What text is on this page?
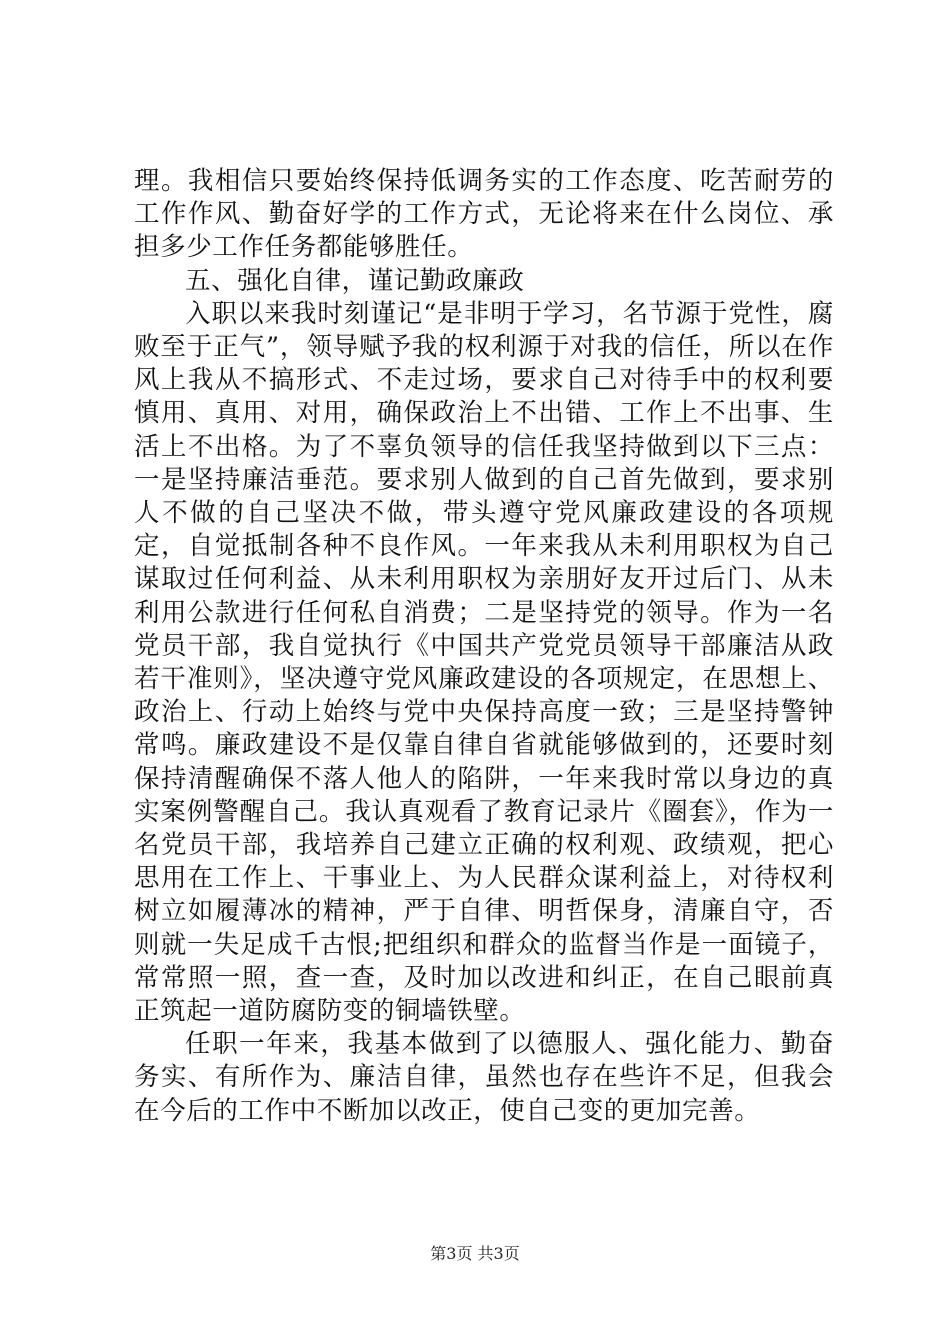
理。我相信只要始终保持低调务实的工作态度、吃苦耐劳的工作作风、勤奋好学的工作方式，无论将来在什么岗位、承担多少工作任务都能够胜任。

五、强化自律，谨记勤政廉政

入职以来我时刻谨记“是非明于学习，名节源于党性，腐败至于正气”，领导赋予我的权利源于对我的信任，所以在作风上我从不搞形式、不走过场，要求自己对待手中的权利要慎用、真用、对用，确保政治上不出错、工作上不出事、生活上不出格。为了不辜负领导的信任我坚持做到以下三点：一是坚持廉洁垂范。要求别人做到的自己首先做到，要求别人不做的自己坚决不做，带头遵守党风廉政建设的各项规定，自觉抵制各种不良作风。一年来我从未利用职权为自己谋取过任何利益、从未利用职权为亲朋好友开过后门、从未利用公款进行任何私自消费；二是坚持党的领导。作为一名党员干部，我自觉执行《中国共产党党员领导干部廉洁从政若干准则》，坚决遵守党风廉政建设的各项规定，在思想上、政治上、行动上始终与党中央保持高度一致；三是坚持警钟常鸣。廉政建设不是仅靠自律自省就能够做到的，还要时刻保持清醒确保不落人他人的陷阱，一年来我时常以身边的真实案例警醒自己。我认真观看了教育记录片《圈套》，作为一名党员干部，我培养自己建立正确的权利观、政绩观，把心思用在工作上、干事业上、为人民群众谋利益上，对待权利树立如履薄冰的精神，严于自律、明哲保身，清廉自守，否则就一失足成千古恨;把组织和群众的监督当作是一面镜子，常常照一照，查一查，及时加以改进和纠正，在自己眼前真正筑起一道防腐防变的铜墙铁壁。

任职一年来，我基本做到了以德服人、强化能力、勤奋务实、有所作为、廉洁自律，虽然也存在些许不足，但我会在今后的工作中不断加以改正，使自己变的更加完善。

第3页 共3页
